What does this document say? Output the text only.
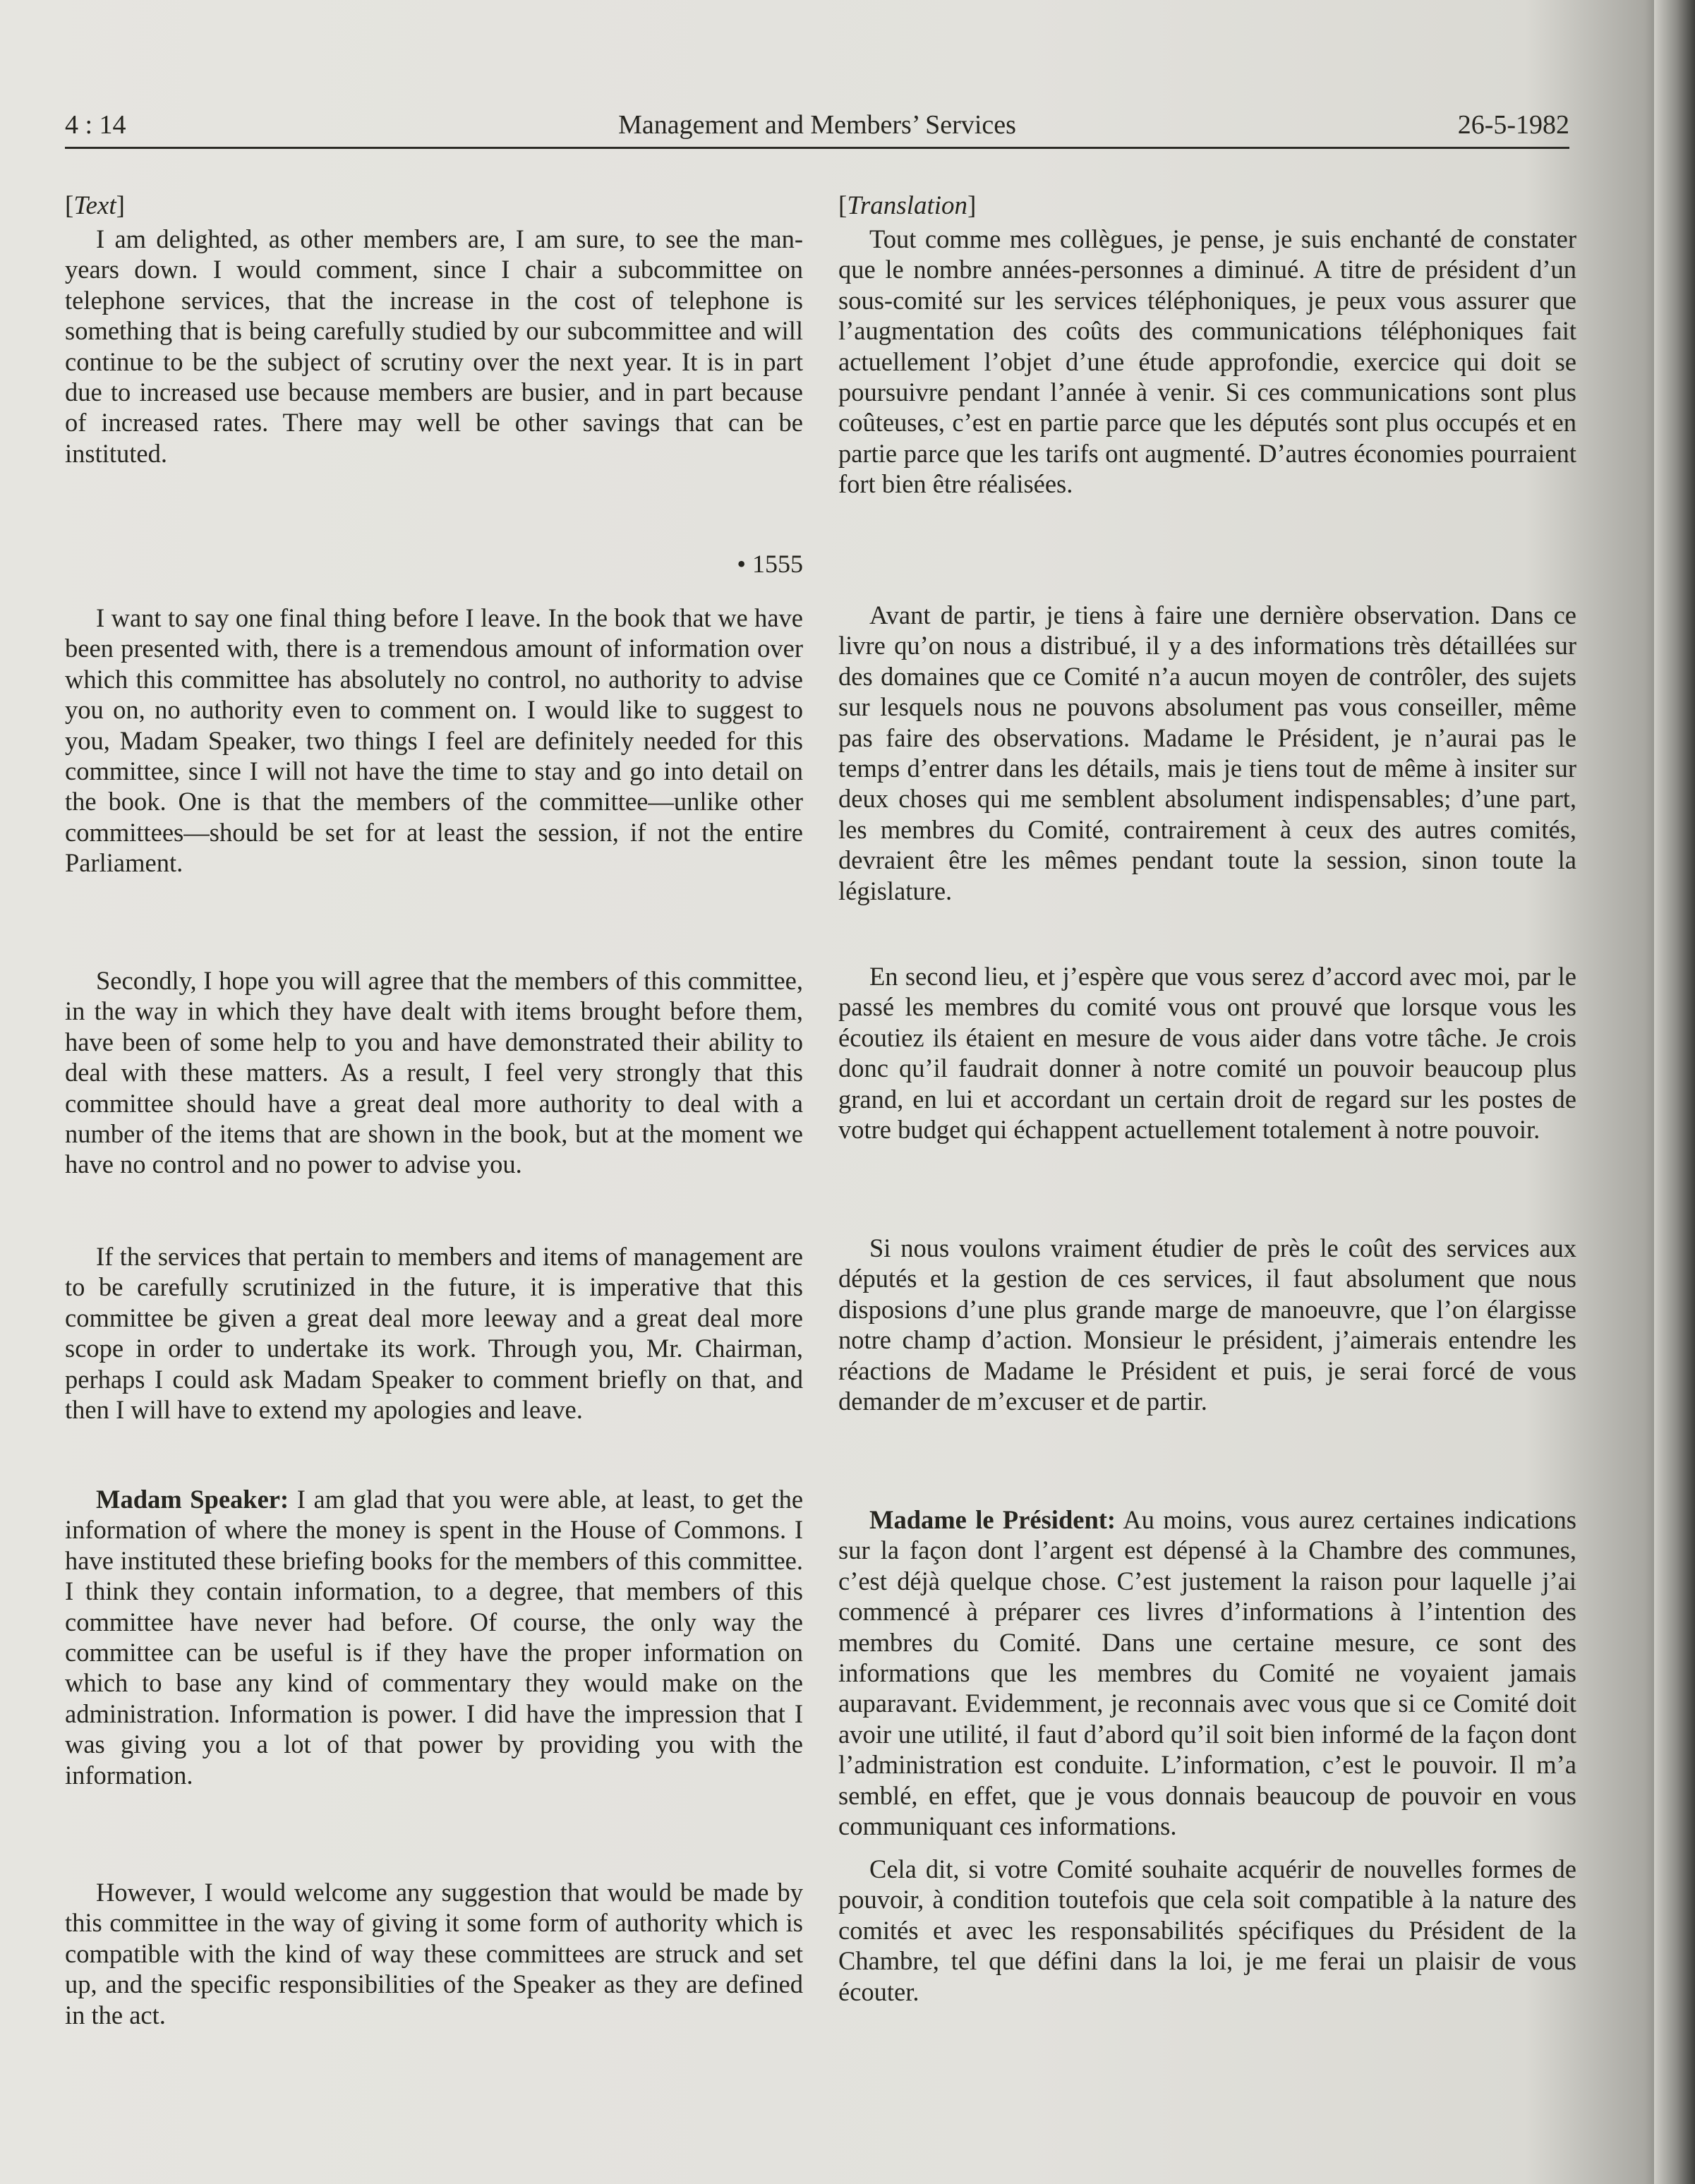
4 : 14	Management and Members’ Services	26-5-1982
[Text]

I am delighted, as other members are, I am sure, to see the man-years down. I would comment, since I chair a subcommittee on telephone services, that the increase in the cost of telephone is something that is being carefully studied by our subcommittee and will continue to be the subject of scrutiny over the next year. It is in part due to increased use because members are busier, and in part because of increased rates. There may well be other savings that can be instituted.

• 1555

I want to say one final thing before I leave. In the book that we have been presented with, there is a tremendous amount of information over which this committee has absolutely no control, no authority to advise you on, no authority even to comment on. I would like to suggest to you, Madam Speaker, two things I feel are definitely needed for this committee, since I will not have the time to stay and go into detail on the book. One is that the members of the committee—unlike other committees—should be set for at least the session, if not the entire Parliament.

Secondly, I hope you will agree that the members of this committee, in the way in which they have dealt with items brought before them, have been of some help to you and have demonstrated their ability to deal with these matters. As a result, I feel very strongly that this committee should have a great deal more authority to deal with a number of the items that are shown in the book, but at the moment we have no control and no power to advise you.

If the services that pertain to members and items of management are to be carefully scrutinized in the future, it is imperative that this committee be given a great deal more leeway and a great deal more scope in order to undertake its work. Through you, Mr. Chairman, perhaps I could ask Madam Speaker to comment briefly on that, and then I will have to extend my apologies and leave.

Madam Speaker: I am glad that you were able, at least, to get the information of where the money is spent in the House of Commons. I have instituted these briefing books for the members of this committee. I think they contain information, to a degree, that members of this committee have never had before. Of course, the only way the committee can be useful is if they have the proper information on which to base any kind of commentary they would make on the administration. Information is power. I did have the impression that I was giving you a lot of that power by providing you with the information.

However, I would welcome any suggestion that would be made by this committee in the way of giving it some form of authority which is compatible with the kind of way these committees are struck and set up, and the specific responsibilities of the Speaker as they are defined in the act.

[Translation]

Tout comme mes collègues, je pense, je suis enchanté de constater que le nombre années-personnes a diminué. A titre de président d’un sous-comité sur les services téléphoniques, je peux vous assurer que l’augmentation des coûts des communications téléphoniques fait actuellement l’objet d’une étude approfondie, exercice qui doit se poursuivre pendant l’année à venir. Si ces communications sont plus coûteuses, c’est en partie parce que les députés sont plus occupés et en partie parce que les tarifs ont augmenté. D’autres économies pourraient fort bien être réalisées.

Avant de partir, je tiens à faire une dernière observation. Dans ce livre qu’on nous a distribué, il y a des informations très détaillées sur des domaines que ce Comité n’a aucun moyen de contrôler, des sujets sur lesquels nous ne pouvons absolument pas vous conseiller, même pas faire des observations. Madame le Président, je n’aurai pas le temps d’entrer dans les détails, mais je tiens tout de même à insiter sur deux choses qui me semblent absolument indispensables; d’une part, les membres du Comité, contrairement à ceux des autres comités, devraient être les mêmes pendant toute la session, sinon toute la législature.

En second lieu, et j’espère que vous serez d’accord avec moi, par le passé les membres du comité vous ont prouvé que lorsque vous les écoutiez ils étaient en mesure de vous aider dans votre tâche. Je crois donc qu’il faudrait donner à notre comité un pouvoir beaucoup plus grand, en lui et accordant un certain droit de regard sur les postes de votre budget qui échappent actuellement totalement à notre pouvoir.

Si nous voulons vraiment étudier de près le coût des services aux députés et la gestion de ces services, il faut absolument que nous disposions d’une plus grande marge de manoeuvre, que l’on élargisse notre champ d’action. Monsieur le président, j’aimerais entendre les réactions de Madame le Président et puis, je serai forcé de vous demander de m’excuser et de partir.

Madame le Président: Au moins, vous aurez certaines indications sur la façon dont l’argent est dépensé à la Chambre des communes, c’est déjà quelque chose. C’est justement la raison pour laquelle j’ai commencé à préparer ces livres d’informations à l’intention des membres du Comité. Dans une certaine mesure, ce sont des informations que les membres du Comité ne voyaient jamais auparavant. Evidemment, je reconnais avec vous que si ce Comité doit avoir une utilité, il faut d’abord qu’il soit bien informé de la façon dont l’administration est conduite. L’information, c’est le pouvoir. Il m’a semblé, en effet, que je vous donnais beaucoup de pouvoir en vous communiquant ces informations.

Cela dit, si votre Comité souhaite acquérir de nouvelles formes de pouvoir, à condition toutefois que cela soit compatible à la nature des comités et avec les responsabilités spécifiques du Président de la Chambre, tel que défini dans la loi, je me ferai un plaisir de vous écouter.
